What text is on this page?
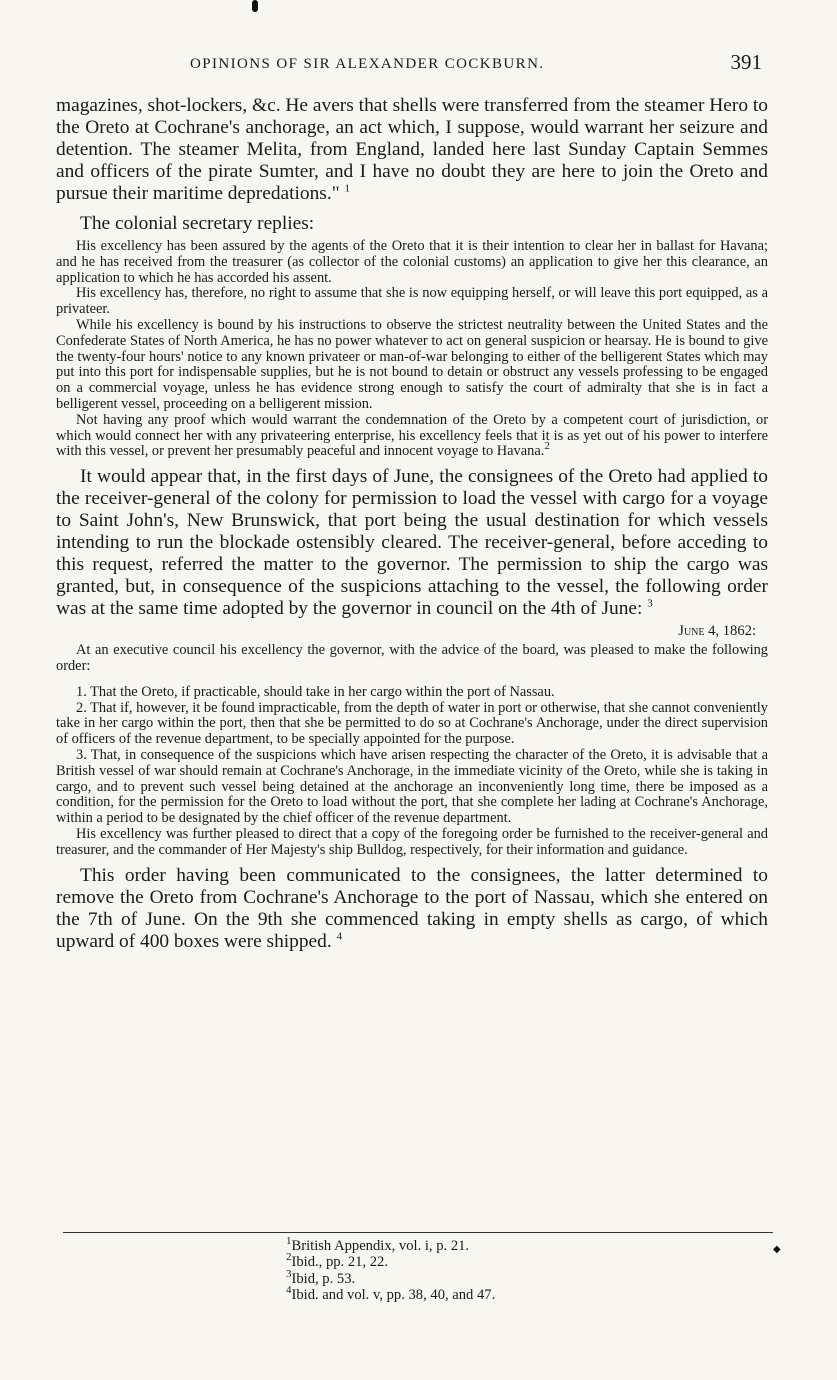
OPINIONS OF SIR ALEXANDER COCKBURN.	391

magazines, shot-lockers, &c. He avers that shells were transferred from the steamer Hero to the Oreto at Cochrane's anchorage, an act which, I suppose, would warrant her seizure and detention. The steamer Melita, from England, landed here last Sunday Captain Semmes and officers of the pirate Sumter, and I have no doubt they are here to join the Oreto and pursue their maritime depredations." $^1$

The colonial secretary replies:

His excellency has been assured by the agents of the Oreto that it is their intention to clear her in ballast for Havana; and he has received from the treasurer (as collector of the colonial customs) an application to give her this clearance, an application to which he has accorded his assent.

His excellency has, therefore, no right to assume that she is now equipping herself, or will leave this port equipped, as a privateer.

While his excellency is bound by his instructions to observe the strictest neutrality between the United States and the Confederate States of North America, he has no power whatever to act on general suspicion or hearsay. He is bound to give the twenty-four hours' notice to any known privateer or man-of-war belonging to either of the belligerent States which may put into this port for indispensable supplies, but he is not bound to detain or obstruct any vessels professing to be engaged on a commercial voyage, unless he has evidence strong enough to satisfy the court of admiralty that she is in fact a belligerent vessel, proceeding on a belligerent mission.

Not having any proof which would warrant the condemnation of the Oreto by a competent court of jurisdiction, or which would connect her with any privateering enterprise, his excellency feels that it is as yet out of his power to interfere with this vessel, or prevent her presumably peaceful and innocent voyage to Havana.$^2$

It would appear that, in the first days of June, the consignees of the Oreto had applied to the receiver-general of the colony for permission to load the vessel with cargo for a voyage to Saint John's, New Brunswick, that port being the usual destination for which vessels intending to run the blockade ostensibly cleared. The receiver-general, before acceding to this request, referred the matter to the governor. The permission to ship the cargo was granted, but, in consequence of the suspicions attaching to the vessel, the following order was at the same time adopted by the governor in council on the 4th of June: $^3$

June 4, 1862:

At an executive council his excellency the governor, with the advice of the board, was pleased to make the following order:

1. That the Oreto, if practicable, should take in her cargo within the port of Nassau.

2. That if, however, it be found impracticable, from the depth of water in port or otherwise, that she cannot conveniently take in her cargo within the port, then that she be permitted to do so at Cochrane's Anchorage, under the direct supervision of officers of the revenue department, to be specially appointed for the purpose.

3. That, in consequence of the suspicions which have arisen respecting the character of the Oreto, it is advisable that a British vessel of war should remain at Cochrane's Anchorage, in the immediate vicinity of the Oreto, while she is taking in cargo, and to prevent such vessel being detained at the anchorage an inconveniently long time, there be imposed as a condition, for the permission for the Oreto to load without the port, that she complete her lading at Cochrane's Anchorage, within a period to be designated by the chief officer of the revenue department.

His excellency was further pleased to direct that a copy of the foregoing order be furnished to the receiver-general and treasurer, and the commander of Her Majesty's ship Bulldog, respectively, for their information and guidance.

This order having been communicated to the consignees, the latter determined to remove the Oreto from Cochrane's Anchorage to the port of Nassau, which she entered on the 7th of June. On the 9th she commenced taking in empty shells as cargo, of which upward of 400 boxes were shipped. $^4$

$^1$British Appendix, vol. i, p. 21.
$^2$Ibid., pp. 21, 22.
$^3$Ibid, p. 53.
$^4$Ibid. and vol. v, pp. 38, 40, and 47.
◆
